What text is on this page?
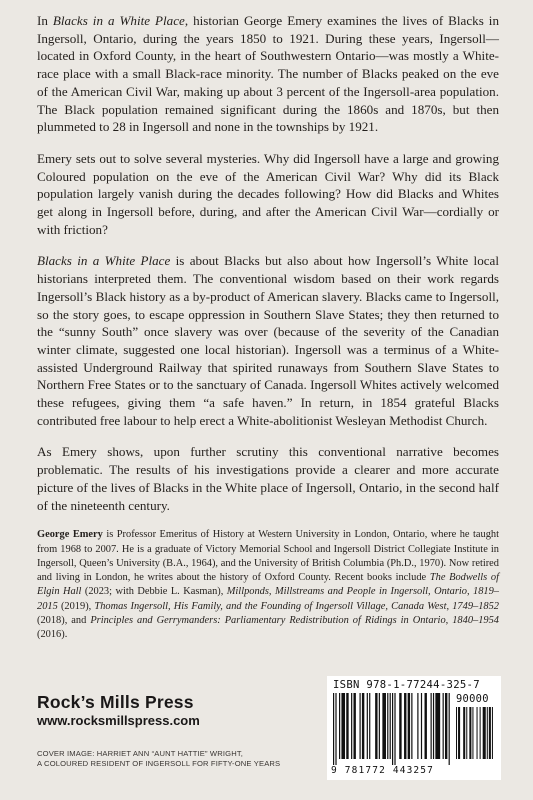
In Blacks in a White Place, historian George Emery examines the lives of Blacks in Ingersoll, Ontario, during the years 1850 to 1921. During these years, Ingersoll—located in Oxford County, in the heart of Southwestern Ontario—was mostly a White-race place with a small Black-race minority. The number of Blacks peaked on the eve of the American Civil War, making up about 3 percent of the Ingersoll-area population. The Black population remained significant during the 1860s and 1870s, but then plummeted to 28 in Ingersoll and none in the townships by 1921.

Emery sets out to solve several mysteries. Why did Ingersoll have a large and growing Coloured population on the eve of the American Civil War? Why did its Black population largely vanish during the decades following? How did Blacks and Whites get along in Ingersoll before, during, and after the American Civil War—cordially or with friction?

Blacks in a White Place is about Blacks but also about how Ingersoll’s White local historians interpreted them. The conventional wisdom based on their work regards Ingersoll’s Black history as a by-product of American slavery. Blacks came to Ingersoll, so the story goes, to escape oppression in Southern Slave States; they then returned to the “sunny South” once slavery was over (because of the severity of the Canadian winter climate, suggested one local historian). Ingersoll was a terminus of a White-assisted Underground Railway that spirited runaways from Southern Slave States to Northern Free States or to the sanctuary of Canada. Ingersoll Whites actively welcomed these refugees, giving them “a safe haven.” In return, in 1854 grateful Blacks contributed free labour to help erect a White-abolitionist Wesleyan Methodist Church.

As Emery shows, upon further scrutiny this conventional narrative becomes problematic. The results of his investigations provide a clearer and more accurate picture of the lives of Blacks in the White place of Ingersoll, Ontario, in the second half of the nineteenth century.

George Emery is Professor Emeritus of History at Western University in London, Ontario, where he taught from 1968 to 2007. He is a graduate of Victory Memorial School and Ingersoll District Collegiate Institute in Ingersoll, Queen’s University (B.A., 1964), and the University of British Columbia (Ph.D., 1970). Now retired and living in London, he writes about the history of Oxford County. Recent books include The Bodwells of Elgin Hall (2023; with Debbie L. Kasman), Millponds, Millstreams and People in Ingersoll, Ontario, 1819–2015 (2019), Thomas Ingersoll, His Family, and the Founding of Ingersoll Village, Canada West, 1749–1852 (2018), and Principles and Gerrymanders: Parliamentary Redistribution of Ridings in Ontario, 1840–1954 (2016).

Rock’s Mills Press
www.rocksmillspress.com
COVER IMAGE: HARRIET ANN “AUNT HATTIE” WRIGHT,
A COLOURED RESIDENT OF INGERSOLL FOR FIFTY-ONE YEARS
ISBN 978-1-77244-325-7
9 781772 443257
90000
